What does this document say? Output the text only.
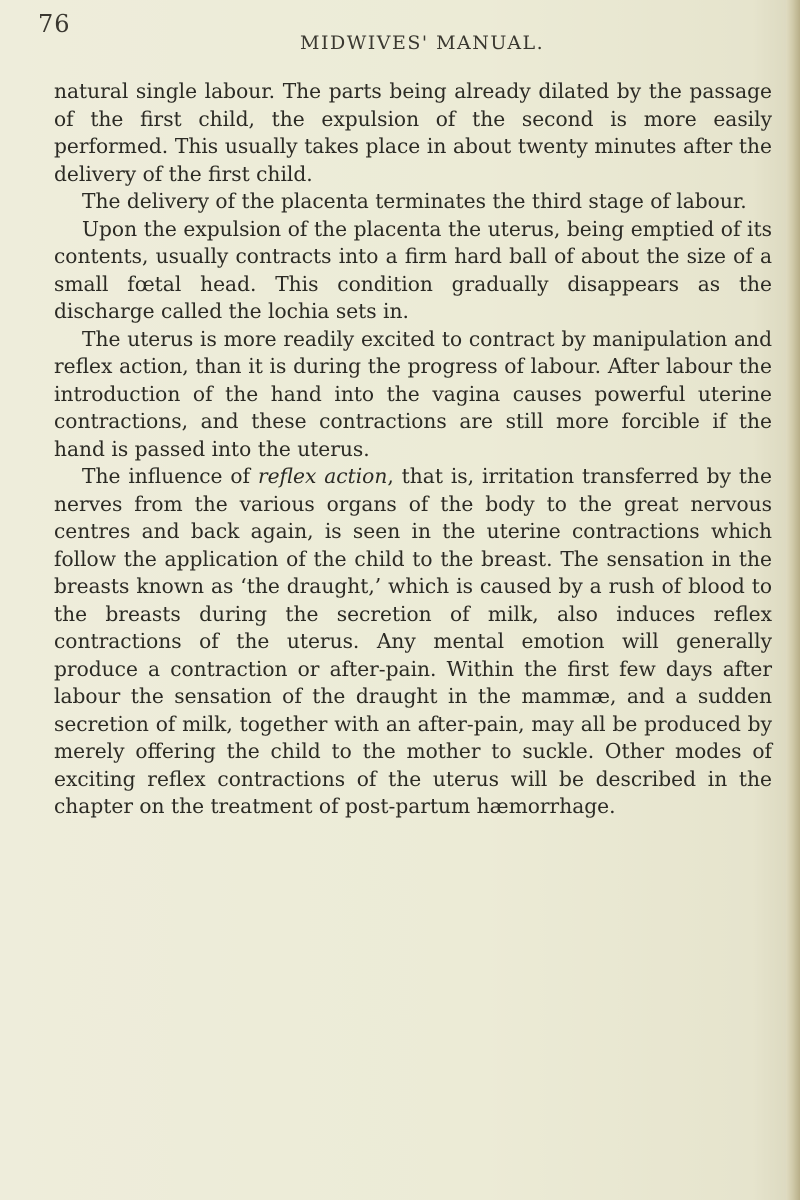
76
MIDWIVES' MANUAL.

natural single labour. The parts being already dilated by the passage of the first child, the expulsion of the second is more easily performed. This usually takes place in about twenty minutes after the delivery of the first child.

The delivery of the placenta terminates the third stage of labour.

Upon the expulsion of the placenta the uterus, being emptied of its contents, usually contracts into a firm hard ball of about the size of a small fœtal head. This condition gradually disappears as the discharge called the lochia sets in.

The uterus is more readily excited to contract by manipulation and reflex action, than it is during the progress of labour. After labour the introduction of the hand into the vagina causes powerful uterine contractions, and these contractions are still more forcible if the hand is passed into the uterus.

The influence of reflex action, that is, irritation transferred by the nerves from the various organs of the body to the great nervous centres and back again, is seen in the uterine contractions which follow the application of the child to the breast. The sensation in the breasts known as ‘the draught,’ which is caused by a rush of blood to the breasts during the secretion of milk, also induces reflex contractions of the uterus. Any mental emotion will generally produce a contraction or after-pain. Within the first few days after labour the sensation of the draught in the mammæ, and a sudden secretion of milk, together with an after-pain, may all be produced by merely offering the child to the mother to suckle. Other modes of exciting reflex contractions of the uterus will be described in the chapter on the treatment of post-partum hæmorrhage.
